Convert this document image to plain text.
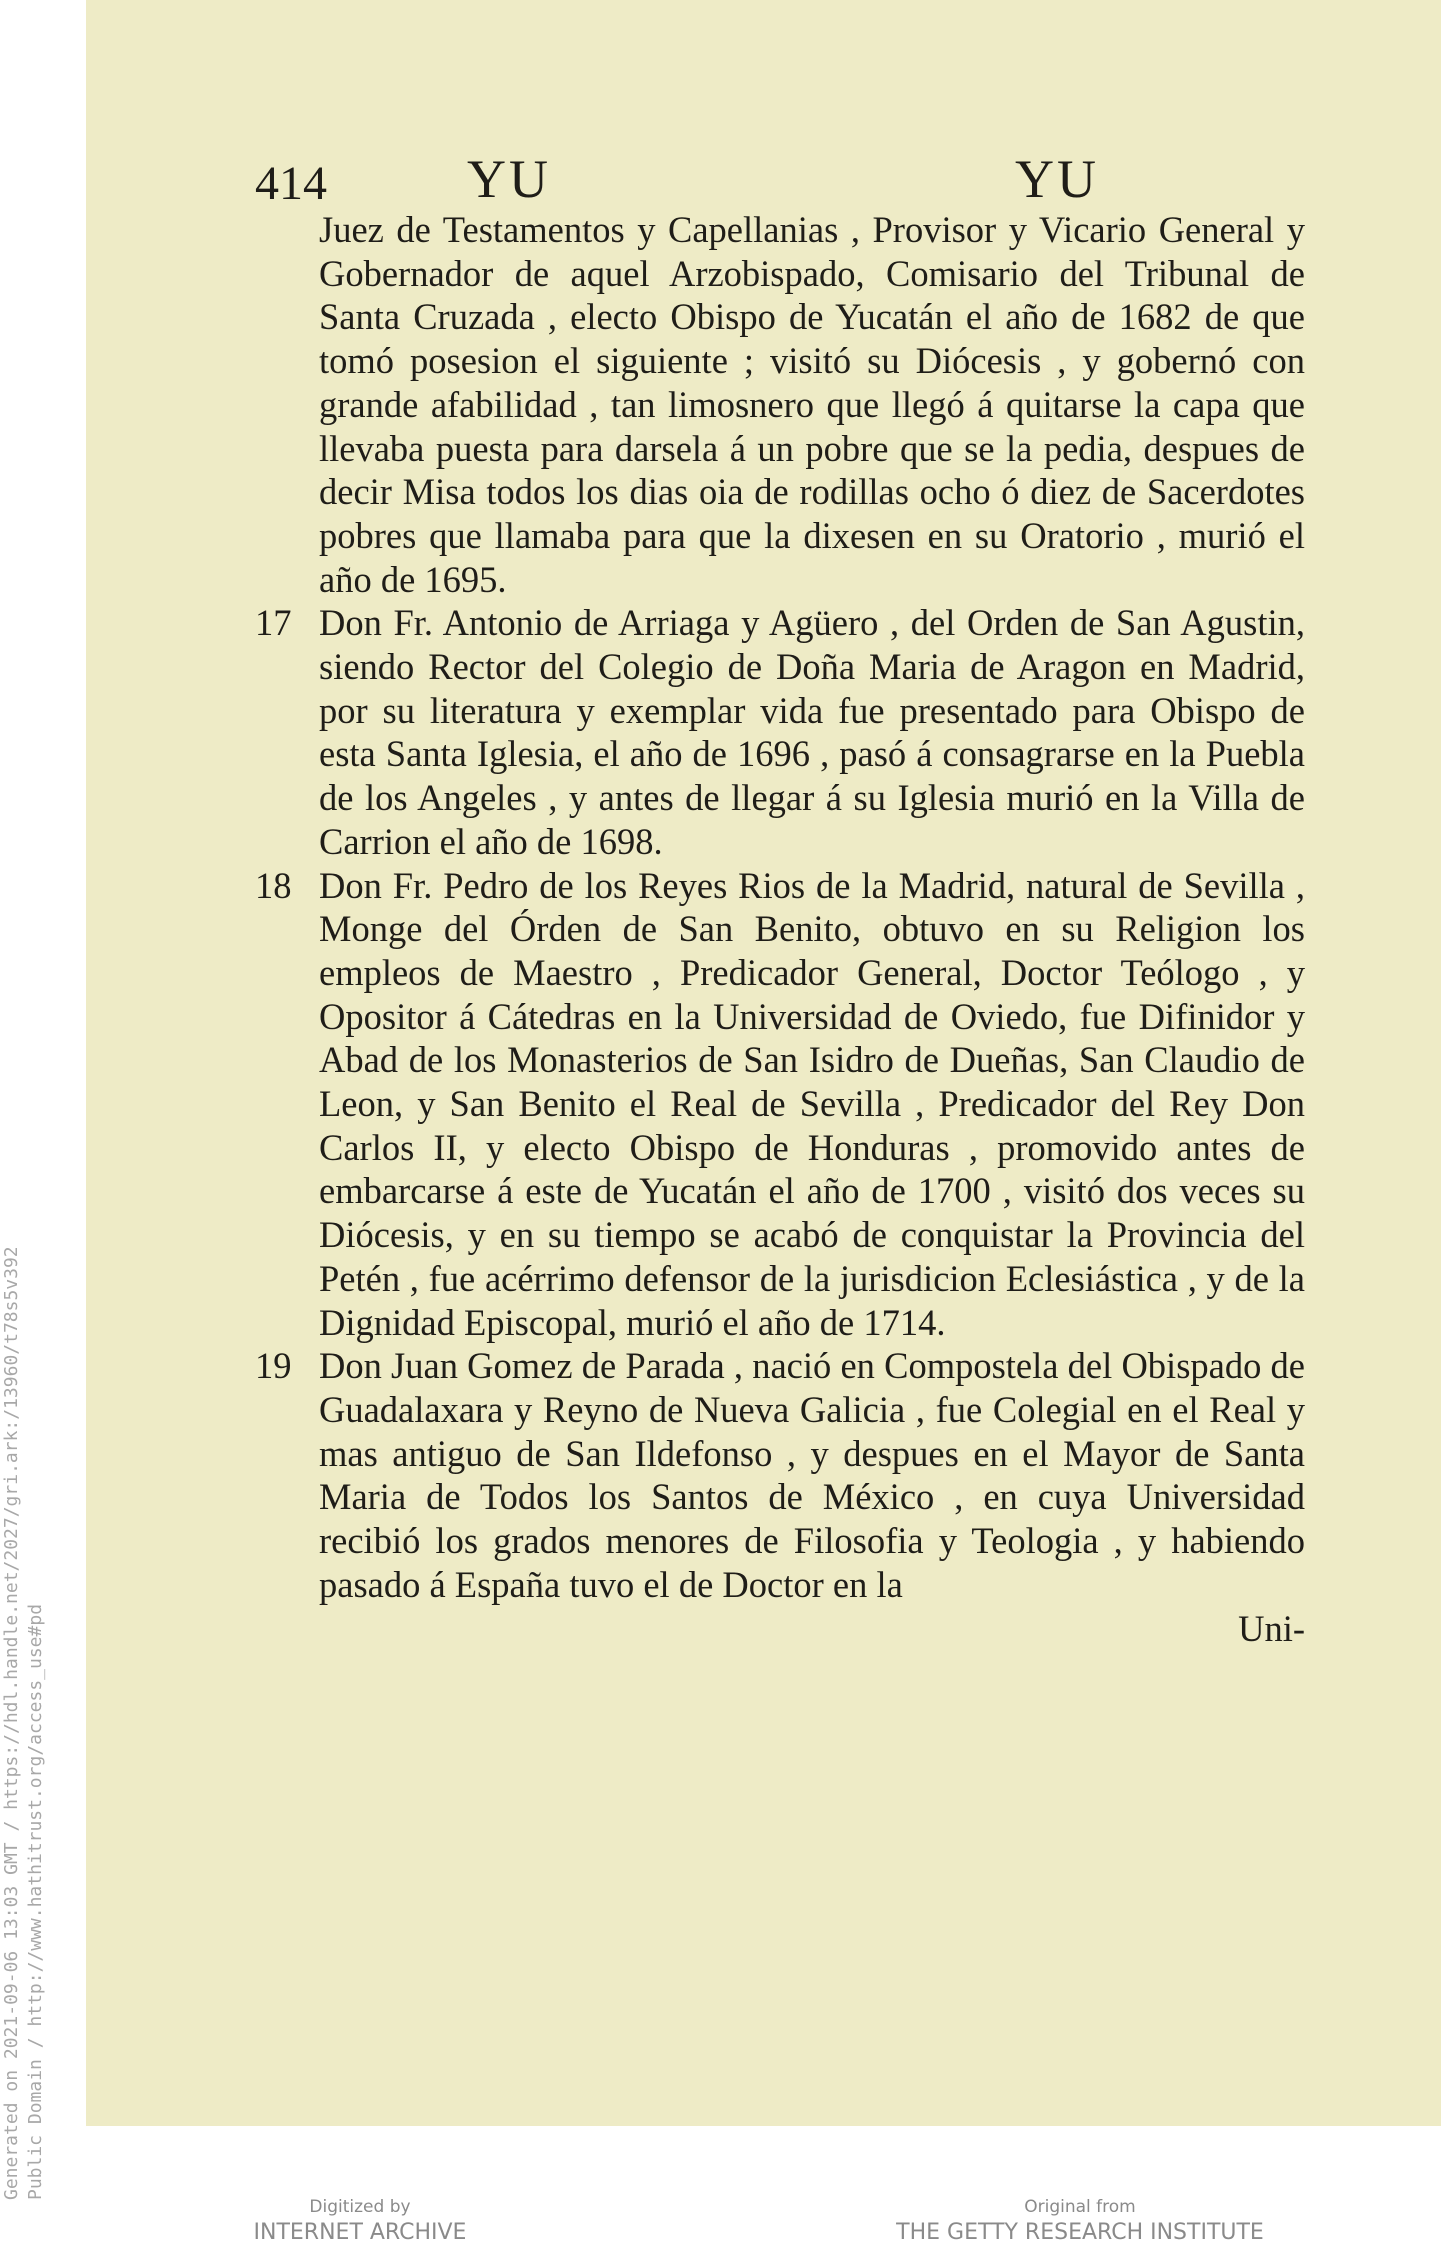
Generated on 2021-09-06 13:03 GMT / https://hdl.handle.net/2027/gri.ark:/13960/t78s5v392 Public Domain / http://www.hathitrust.org/access_use#pd
414	YU	YU
Juez de Testamentos y Capellanias , Provisor y Vicario General y Gobernador de aquel Arzobispado, Comisario del Tribunal de Santa Cruzada , electo Obispo de Yucatán el año de 1682 de que tomó posesion el siguiente ; visitó su Diócesis , y gobernó con grande afabilidad , tan limosnero que llegó á quitarse la capa que llevaba puesta para darsela á un pobre que se la pedia, despues de decir Misa todos los dias oia de rodillas ocho ó diez de Sacerdotes pobres que llamaba para que la dixesen en su Oratorio , murió el año de 1695.
17 Don Fr. Antonio de Arriaga y Agüero , del Orden de San Agustin, siendo Rector del Colegio de Doña Maria de Aragon en Madrid, por su literatura y exemplar vida fue presentado para Obispo de esta Santa Iglesia, el año de 1696 , pasó á consagrarse en la Puebla de los Angeles , y antes de llegar á su Iglesia murió en la Villa de Carrion el año de 1698.
18 Don Fr. Pedro de los Reyes Rios de la Madrid, natural de Sevilla , Monge del Órden de San Benito, obtuvo en su Religion los empleos de Maestro , Predicador General, Doctor Teólogo , y Opositor á Cátedras en la Universidad de Oviedo, fue Difinidor y Abad de los Monasterios de San Isidro de Dueñas, San Claudio de Leon, y San Benito el Real de Sevilla , Predicador del Rey Don Carlos II, y electo Obispo de Honduras , promovido antes de embarcarse á este de Yucatán el año de 1700 , visitó dos veces su Diócesis, y en su tiempo se acabó de conquistar la Provincia del Petén , fue acérrimo defensor de la jurisdicion Eclesiástica , y de la Dignidad Episcopal, murió el año de 1714.
19 Don Juan Gomez de Parada , nació en Compostela del Obispado de Guadalaxara y Reyno de Nueva Galicia , fue Colegial en el Real y mas antiguo de San Ildefonso , y despues en el Mayor de Santa Maria de Todos los Santos de México , en cuya Universidad recibió los grados menores de Filosofia y Teologia , y habiendo pasado á España tuvo el de Doctor en la
Uni-
Digitized by
INTERNET ARCHIVE
Original from
THE GETTY RESEARCH INSTITUTE
